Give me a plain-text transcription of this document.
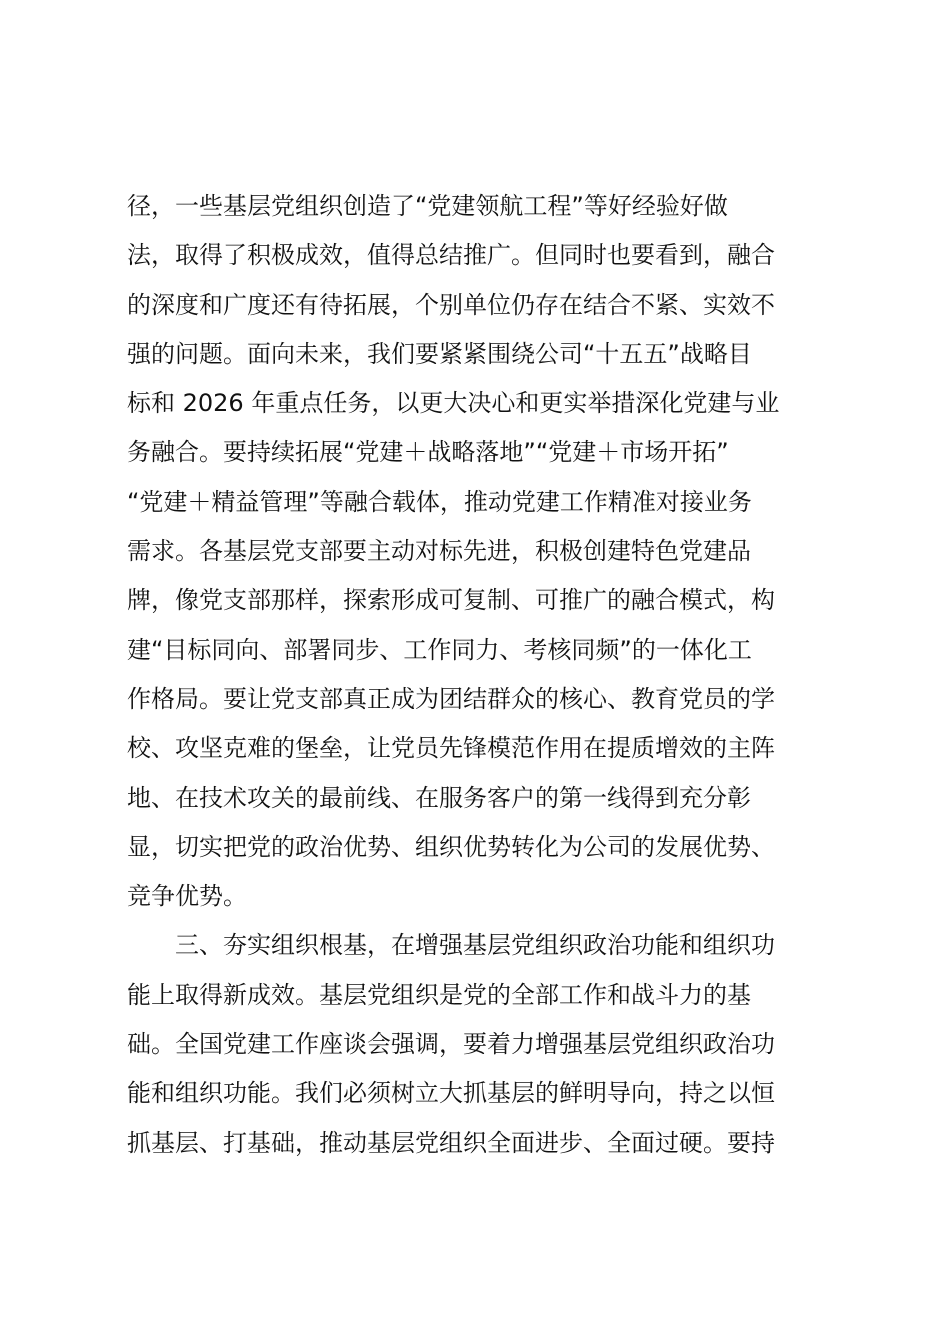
径，一些基层党组织创造了“党建领航工程”等好经验好做
法，取得了积极成效，值得总结推广。但同时也要看到，融合
的深度和广度还有待拓展，个别单位仍存在结合不紧、实效不
强的问题。面向未来，我们要紧紧围绕公司“十五五”战略目
标和 2026 年重点任务，以更大决心和更实举措深化党建与业
务融合。要持续拓展“党建＋战略落地”“党建＋市场开拓”
“党建＋精益管理”等融合载体，推动党建工作精准对接业务
需求。各基层党支部要主动对标先进，积极创建特色党建品
牌，像党支部那样，探索形成可复制、可推广的融合模式，构
建“目标同向、部署同步、工作同力、考核同频”的一体化工
作格局。要让党支部真正成为团结群众的核心、教育党员的学
校、攻坚克难的堡垒，让党员先锋模范作用在提质增效的主阵
地、在技术攻关的最前线、在服务客户的第一线得到充分彰
显，切实把党的政治优势、组织优势转化为公司的发展优势、
竞争优势。
三、夯实组织根基，在增强基层党组织政治功能和组织功
能上取得新成效。基层党组织是党的全部工作和战斗力的基
础。全国党建工作座谈会强调，要着力增强基层党组织政治功
能和组织功能。我们必须树立大抓基层的鲜明导向，持之以恒
抓基层、打基础，推动基层党组织全面进步、全面过硬。要持
